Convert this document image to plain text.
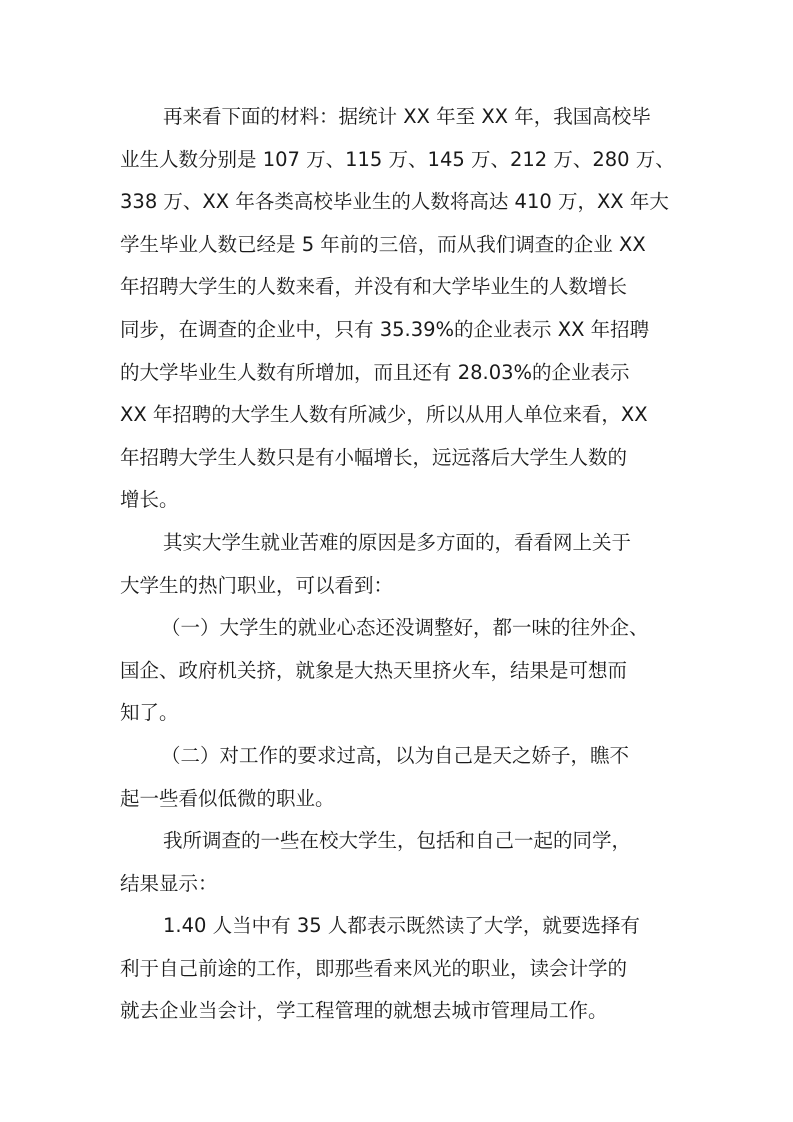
再来看下面的材料：据统计 XX 年至 XX 年，我国高校毕
业生人数分别是 107 万、115 万、145 万、212 万、280 万、
338 万、XX 年各类高校毕业生的人数将高达 410 万，XX 年大
学生毕业人数已经是 5 年前的三倍，而从我们调查的企业 XX
年招聘大学生的人数来看，并没有和大学毕业生的人数增长
同步，在调查的企业中，只有 35.39%的企业表示 XX 年招聘
的大学毕业生人数有所增加，而且还有 28.03%的企业表示
XX 年招聘的大学生人数有所减少，所以从用人单位来看，XX
年招聘大学生人数只是有小幅增长，远远落后大学生人数的
增长。
其实大学生就业苦难的原因是多方面的，看看网上关于
大学生的热门职业，可以看到：
（一）大学生的就业心态还没调整好，都一味的往外企、
国企、政府机关挤，就象是大热天里挤火车，结果是可想而
知了。
（二）对工作的要求过高，以为自己是天之娇子，瞧不
起一些看似低微的职业。
我所调查的一些在校大学生，包括和自己一起的同学，
结果显示：
1.40 人当中有 35 人都表示既然读了大学，就要选择有
利于自己前途的工作，即那些看来风光的职业，读会计学的
就去企业当会计，学工程管理的就想去城市管理局工作。
